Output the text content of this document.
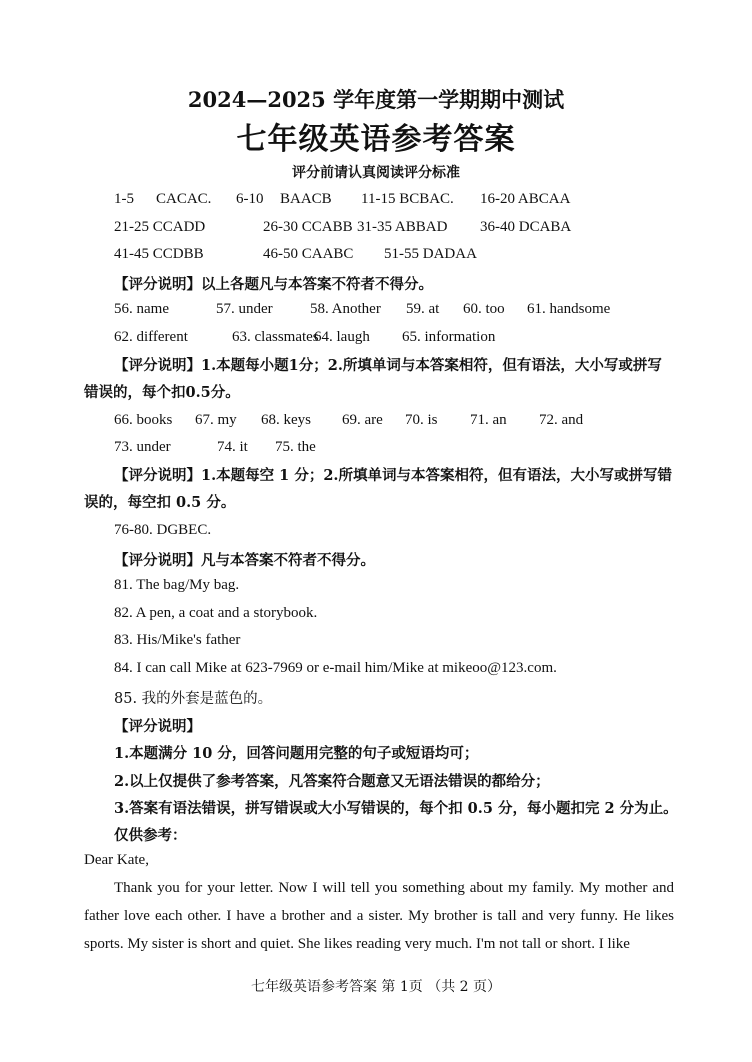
2024—2025 学年度第一学期期中测试
七年级英语参考答案
评分前请认真阅读评分标准
1-5 CACAC. 6-10 BAACB 11-15 BCBAC. 16-20 ABCAA
21-25 CCADD	26-30 CCABB 31-35 ABBAD 36-40 DCABA
41-45 CCDBB	46-50 CAABC 51-55 DADAA
【评分说明】以上各题凡与本答案不符者不得分。
56. name	57. under 58. Another 59. at 60. too 61. handsome
62. different	63. classmates
64. laugh 65. information
【评分说明】1.本题每小题1分；2.所填单词与本答案相符，但有语法，大小写或拼写错误的，每个扣0.5分。
66. books 67. my 68. keys 69. are 70. is 71. an 72. and
73. under	74. it 75. the
【评分说明】1.本题每空 1 分；2.所填单词与本答案相符，但有语法，大小写或拼写错误的，每空扣 0.5 分。
76-80. DGBEC.
【评分说明】凡与本答案不符者不得分。
81. The bag/My bag.
82. A pen, a coat and a storybook.
83. His/Mike's father
84. I can call Mike at 623-7969 or e-mail him/Mike at mikeoo@123.com.
85. 我的外套是蓝色的。
【评分说明】
1.本题满分 10 分，回答问题用完整的句子或短语均可；
2.以上仅提供了参考答案，凡答案符合题意又无语法错误的都给分；
3.答案有语法错误，拼写错误或大小写错误的，每个扣 0.5 分，每小题扣完 2 分为止。
仅供参考：
Dear Kate,
Thank you for your letter. Now I will tell you something about my family. My mother and father love each other. I have a brother and a sister. My brother is tall and very funny. He likes sports. My sister is short and quiet. She likes reading very much. I'm not tall or short. I like
七年级英语参考答案 第 1页 （共 2 页）
